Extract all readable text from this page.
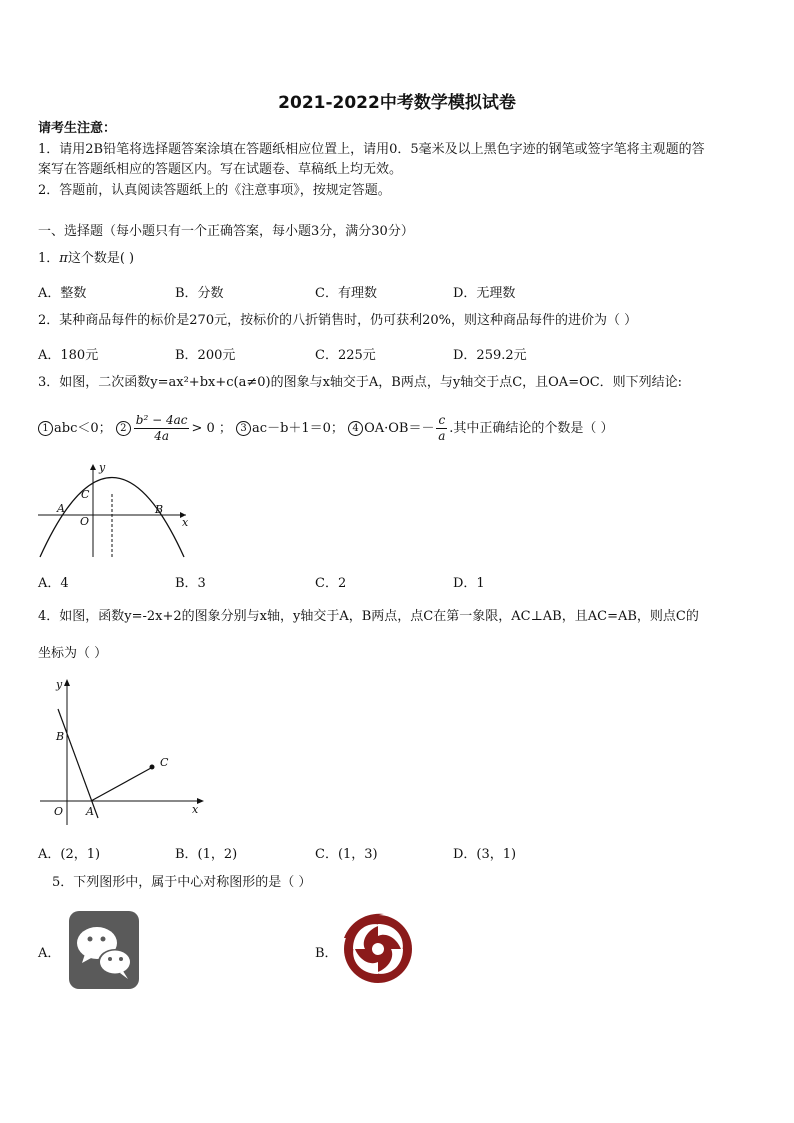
2021-2022中考数学模拟试卷
请考生注意：
1．请用2B铅笔将选择题答案涂填在答题纸相应位置上，请用0．5毫米及以上黑色字迹的钢笔或签字笔将主观题的答
案写在答题纸相应的答题区内。写在试题卷、草稿纸上均无效。
2．答题前，认真阅读答题纸上的《注意事项》，按规定答题。
一、选择题（每小题只有一个正确答案，每小题3分，满分30分）
1．π这个数是( )
A．整数	B．分数	C．有理数	D．无理数
2．某种商品每件的标价是270元，按标价的八折销售时，仍可获利20%，则这种商品每件的进价为（ ）
A．180元	B．200元	C．225元	D．259.2元
3．如图，二次函数y=ax²+bx+c(a≠0)的图象与x轴交于A，B两点，与y轴交于点C，且OA=OC．则下列结论:
1 abc＜0； $2 \frac{\text{b² − 4ac}}{4a} > 0$ ； 3 ac－b＋1＝0； 4 $OA\cdot OB=- \frac{c}{a}$ .其中正确结论的个数是（ ）
y
x
A	B
C
O
A．4	B．3	C．2	D．1
4．如图，函数y=-2x+2的图象分别与x轴，y轴交于A，B两点，点C在第一象限，AC⊥AB，且AC=AB，则点C的
坐标为（ ）
y
x
B
A
C
O
A．(2，1)	B．(1，2)	C．(1，3)	D．(3，1)
5．下列图形中，属于中心对称图形的是（ ）
A．	B．
